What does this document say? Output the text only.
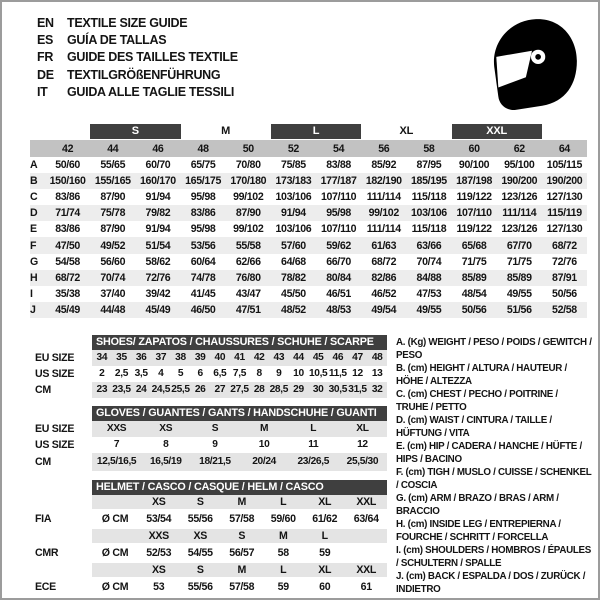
EN	TEXTILE SIZE GUIDE
ES	GUÍA DE TALLAS
FR	GUIDE DES TAILLES TEXTILE
DE	TEXTILGRÖßENFÜHRUNG
IT	GUIDA ALLE TAGLIE TESSILI
S	M	L	XL	XXL
42	44	46	48	50	52	54	56	58	60	62	64
A	50/60	55/65	60/70	65/75	70/80	75/85	83/88	85/92	87/95	90/100	95/100	105/115
B	150/160 155/165 160/170 165/175 170/180 173/183 177/187 182/190 185/195 187/198 190/200 190/200
C	83/86	87/90	91/94	95/98	99/102	103/106 107/110 111/114	115/118 119/122 123/126 127/130
D	71/74	75/78	79/82	83/86	87/90	91/94	95/98	99/102	103/106 107/110 111/114	115/119
E	83/86	87/90	91/94	95/98	99/102	103/106 107/110 111/114	115/118 119/122 123/126 127/130
F	47/50	49/52	51/54	53/56	55/58	57/60	59/62	61/63	63/66	65/68	67/70	68/72
G	54/58	56/60	58/62	60/64	62/66	64/68	66/70	68/72	70/74	71/75	71/75	72/76
H	68/72	70/74	72/76	74/78	76/80	78/82	80/84	82/86	84/88	85/89	85/89	87/91
I	35/38	37/40	39/42	41/45	43/47	45/50	46/51	46/52	47/53	48/54	49/55	50/56
J	45/49	44/48	45/49	46/50	47/51	48/52	48/53	49/54	49/55	50/56	51/56	52/58
SHOES/ ZAPATOS / CHAUSSURES / SCHUHE / SCARPE
EU SIZE	34 35 36 37 38 39 40 41 42 43 44 45 46 47 48
US SIZE	2	2,5 3,5	4	5	6	6,5 7,5	8	9	10 10,5 11,5 12 13
CM	23 23,5 24 24,5 25,5 26 27 27,5 28 28,5 29 30 30,5 31,5 32
GLOVES / GUANTES / GANTS / HANDSCHUHE / GUANTI
EU SIZE	XXS	XS	S	M	L	XL
US SIZE	7	8	9	10	11	12
CM	12,5/16,5	16,5/19	18/21,5	20/24	23/26,5	25,5/30
HELMET / CASCO / CASQUE / HELM / CASCO
XS	S	M	L	XL	XXL
FIA	Ø CM	53/54	55/56	57/58	59/60	61/62	63/64
XXS	XS	S	M	L
CMR	Ø CM	52/53	54/55	56/57	58	59
XS	S	M	L	XL	XXL
ECE	Ø CM	53	55/56	57/58	59	60	61
A. (Kg) WEIGHT / PESO / POIDS / GEWITCH / PESO
B. (cm) HEIGHT / ALTURA / HAUTEUR / HÖHE / ALTEZZA
C. (cm) CHEST / PECHO / POITRINE / TRUHE / PETTO
D. (cm) WAIST / CINTURA / TAILLE / HÜFTUNG / VITA
E. (cm) HIP / CADERA / HANCHE / HÜFTE / HIPS / BACINO
F. (cm) TIGH / MUSLO / CUISSE / SCHENKEL / COSCIA
G. (cm) ARM / BRAZO / BRAS / ARM / BRACCIO
H. (cm) INSIDE LEG / ENTREPIERNA / FOURCHE / SCHRITT / FORCELLA
I. (cm) SHOULDERS / HOMBROS / ÉPAULES / SCHULTERN / SPALLE
J. (cm) BACK / ESPALDA / DOS / ZURÜCK / INDIETRO
